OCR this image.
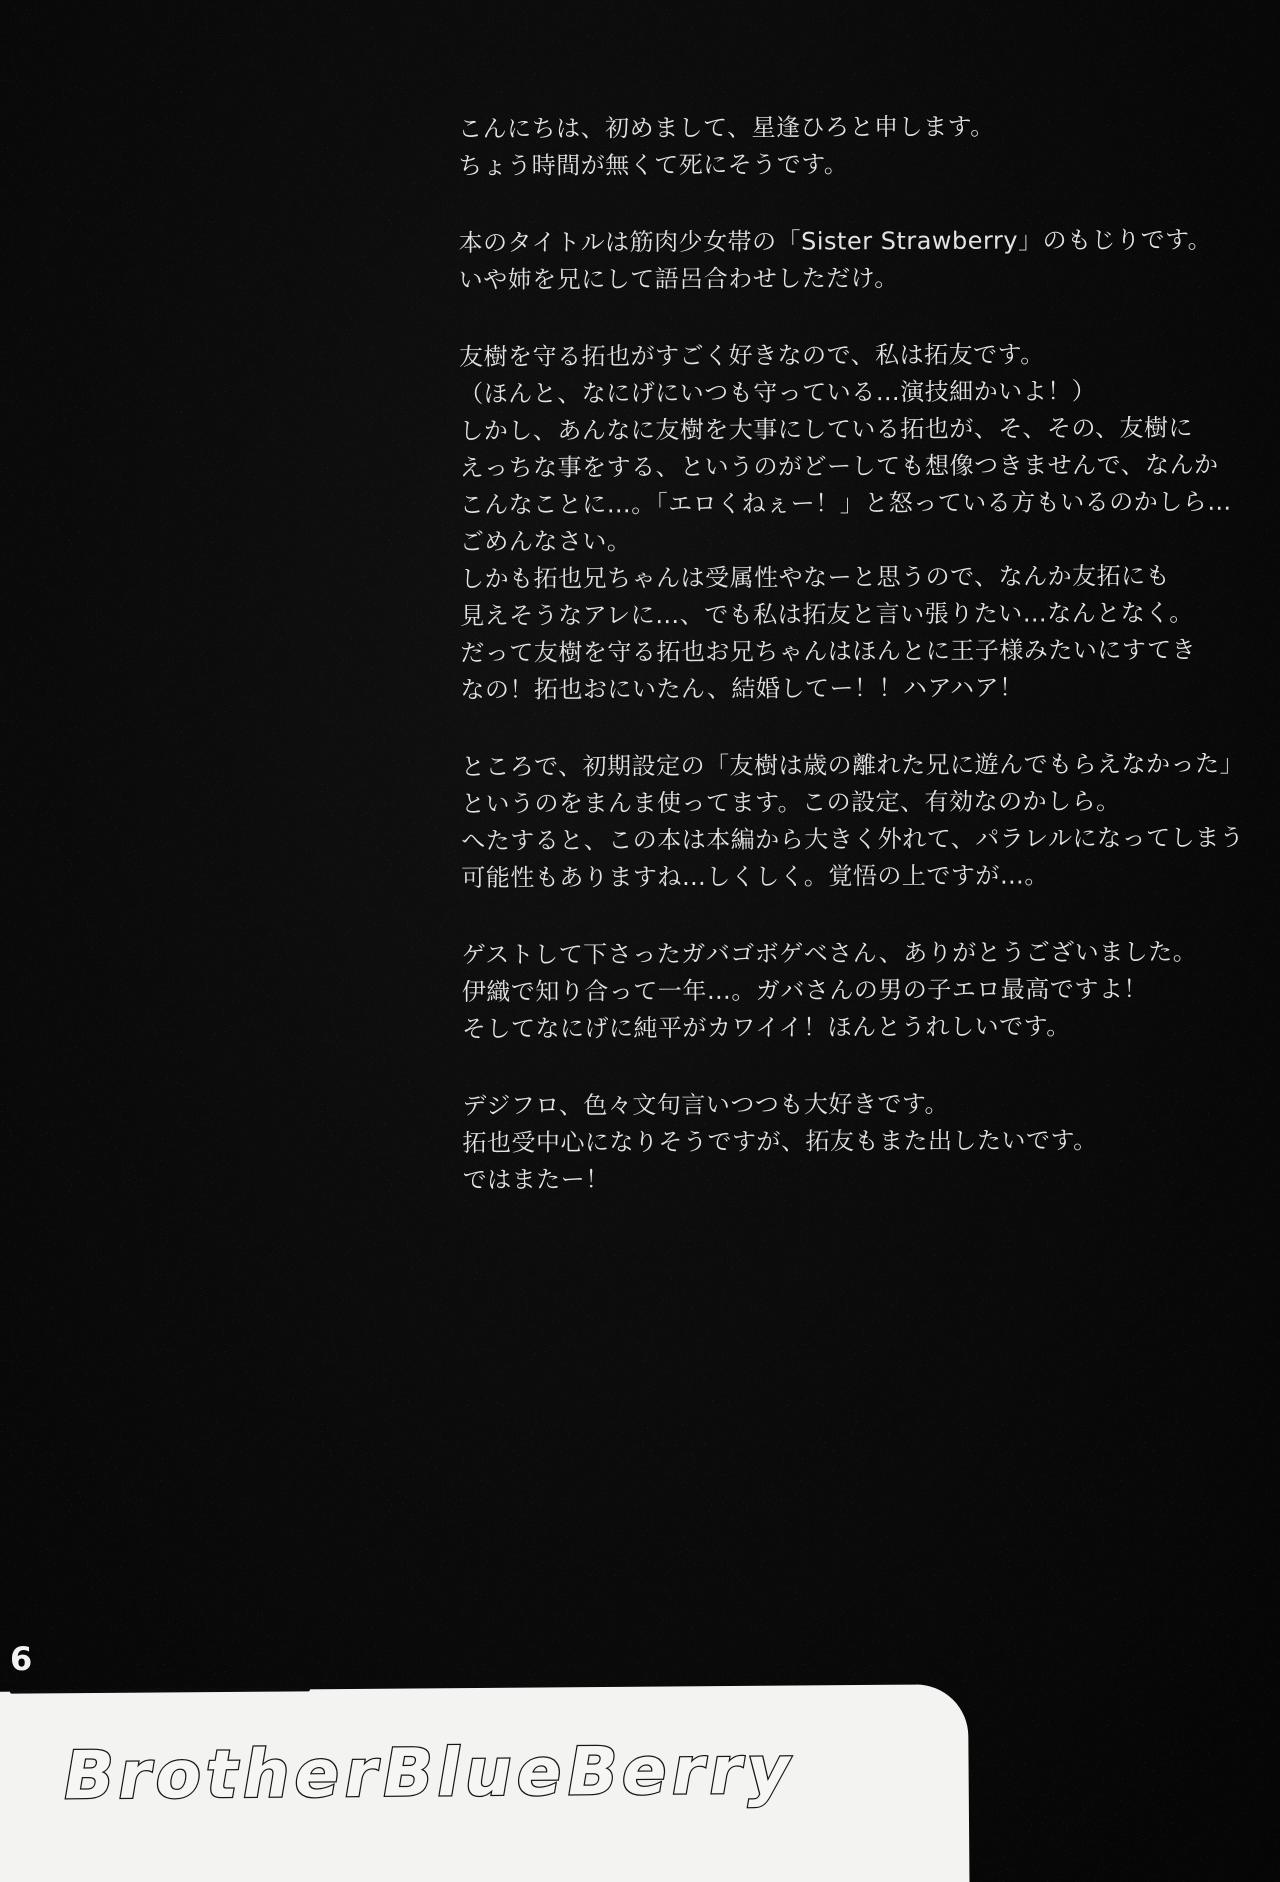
こんにちは、初めまして、星逢ひろと申します。
ちょう時間が無くて死にそうです。

本のタイトルは筋肉少女帯の「Sister Strawberry」のもじりです。
いや姉を兄にして語呂合わせしただけ。

友樹を守る拓也がすごく好きなので、私は拓友です。
（ほんと、なにげにいつも守っている…演技細かいよ！）
しかし、あんなに友樹を大事にしている拓也が、そ、その、友樹に
えっちな事をする、というのがどーしても想像つきませんで、なんか
こんなことに…。「エロくねぇー！」と怒っている方もいるのかしら…
ごめんなさい。
しかも拓也兄ちゃんは受属性やなーと思うので、なんか友拓にも
見えそうなアレに…、でも私は拓友と言い張りたい…なんとなく。
だって友樹を守る拓也お兄ちゃんはほんとに王子様みたいにすてき
なの！拓也おにいたん、結婚してー！！ハアハア！

ところで、初期設定の「友樹は歳の離れた兄に遊んでもらえなかった」
というのをまんま使ってます。この設定、有効なのかしら。
へたすると、この本は本編から大きく外れて、パラレルになってしまう
可能性もありますね…しくしく。覚悟の上ですが…。

ゲストして下さったガバゴボゲベさん、ありがとうございました。
伊織で知り合って一年…。ガバさんの男の子エロ最高ですよ！
そしてなにげに純平がカワイイ！ほんとうれしいです。

デジフロ、色々文句言いつつも大好きです。
拓也受中心になりそうですが、拓友もまた出したいです。
ではまたー！

6
BrotherBlueBerry
